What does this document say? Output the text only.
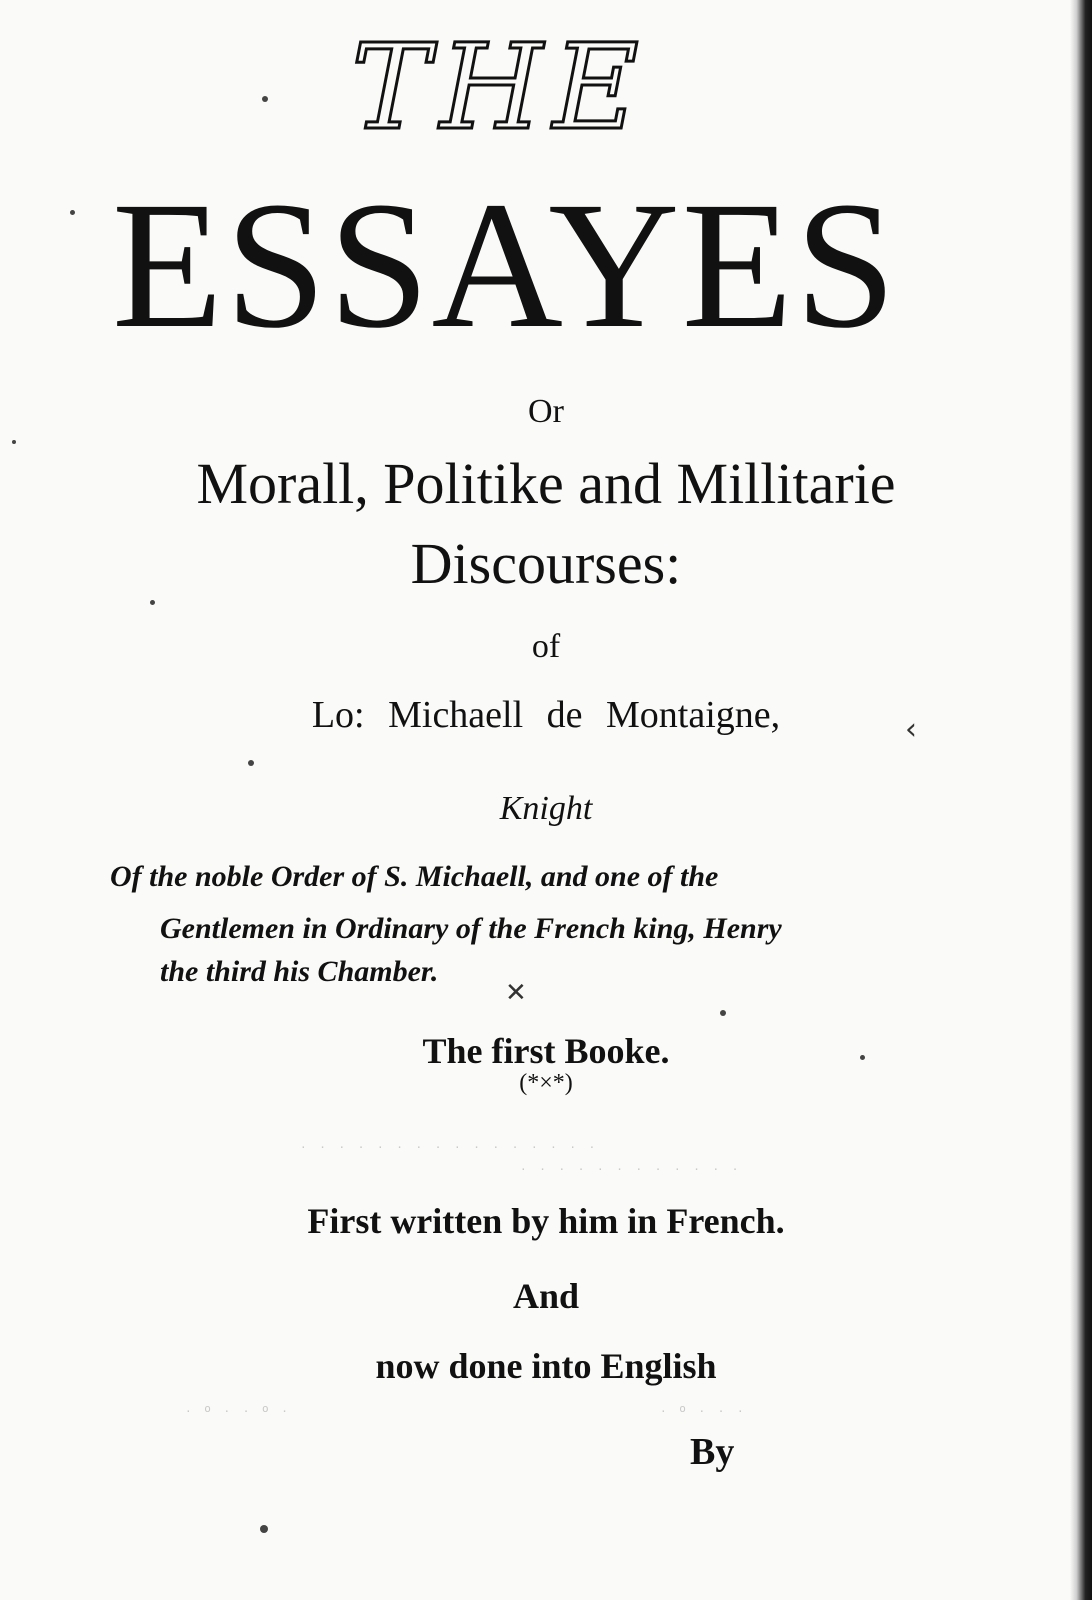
. . . . . . . . . . . . . . . .
. . . . . . . . . . . .
. o . . o .	. o . . .
‹
✕
THE
ESSAYES
Or
Morall, Politike and Millitarie
Discourses:
of
Lo: Michaell de Montaigne,
Knight
Of the noble Order of S. Michaell, and one of the
Gentlemen in Ordinary of the French king, Henry
the third his Chamber.
The first Booke.
(*×*)
First written by him in French.
And
now done into English
By
